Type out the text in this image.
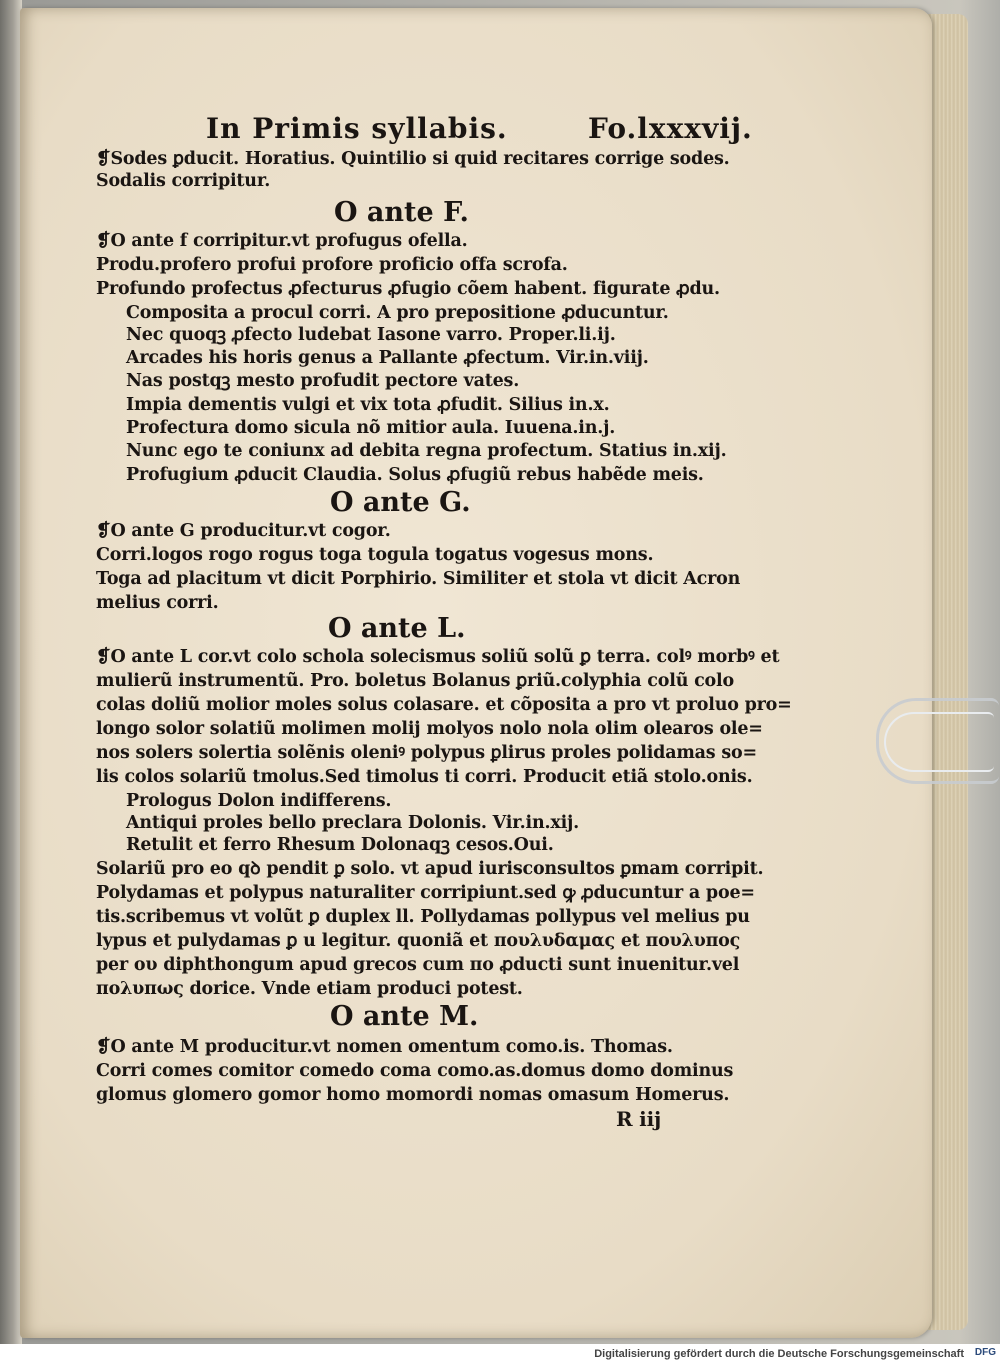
In Primis syllabis.	Fo.lxxxvij.
❡Sodes ꝑducit. Horatius. Quintilio si quid recitares corrige sodes.
Sodalis corripitur.
O ante F.
❡O ante f corripitur.vt profugus ofella.
Produ.profero profui profore proficio offa scrofa.
Profundo profectus ꝓfecturus ꝓfugio cõem habent. figurate ꝓdu.
Composita a procul corri. A pro prepositione ꝓducuntur.
Nec quoqꝫ ꝓfecto ludebat Iasone varro. Proper.li.ij.
Arcades his horis genus a Pallante ꝓfectum. Vir.in.viij.
Nas postqꝫ mesto profudit pectore vates.
Impia dementis vulgi et vix tota ꝓfudit. Silius in.x.
Profectura domo sicula nõ mitior aula. Iuuena.in.j.
Nunc ego te coniunx ad debita regna profectum. Statius in.xij.
Profugium ꝓducit Claudia. Solus ꝓfugiũ rebus habẽde meis.
O ante G.
❡O ante G producitur.vt cogor.
Corri.logos rogo rogus toga togula togatus vogesus mons.
Toga ad placitum vt dicit Porphirio. Similiter et stola vt dicit Acron
melius corri.
O ante L.
❡O ante L cor.vt colo schola solecismus soliũ solũ ꝑ terra. colꝰ morbꝰ et
mulierũ instrumentũ. Pro. boletus Bolanus ꝑriũ.colyphia colũ colo
colas doliũ molior moles solus colasare. et cõposita a pro vt proluo pro=
longo solor solatiũ molimen molij molyos nolo nola olim olearos ole=
nos solers solertia solẽnis oleniꝰ polypus ꝑlirus proles polidamas so=
lis colos solariũ tmolus.Sed timolus ti corri. Producit etiã stolo.onis.
Prologus Dolon indifferens.
Antiqui proles bello preclara Dolonis. Vir.in.xij.
Retulit et ferro Rhesum Dolonaqꝫ cesos.Oui.
Solariũ pro eo qꝺ pendit ꝑ solo. vt apud iurisconsultos ꝑmam corripit.
Polydamas et polypus naturaliter corripiunt.sed ꝙ ꝓducuntur a poe=
tis.scribemus vt volũt ꝑ duplex ll. Pollydamas pollypus vel melius pu
lypus et pulydamas ꝑ u legitur. quoniã et πουλυδαμας et πουλυπος
per ου diphthongum apud grecos cum πο ꝓducti sunt inuenitur.vel
πολυπως dorice. Vnde etiam produci potest.
O ante M.
❡O ante M producitur.vt nomen omentum como.is. Thomas.
Corri comes comitor comedo coma como.as.domus domo dominus
glomus glomero gomor homo momordi nomas omasum Homerus.
R iij
Digitalisierung gefördert durch die Deutsche Forschungsgemeinschaft DFG
